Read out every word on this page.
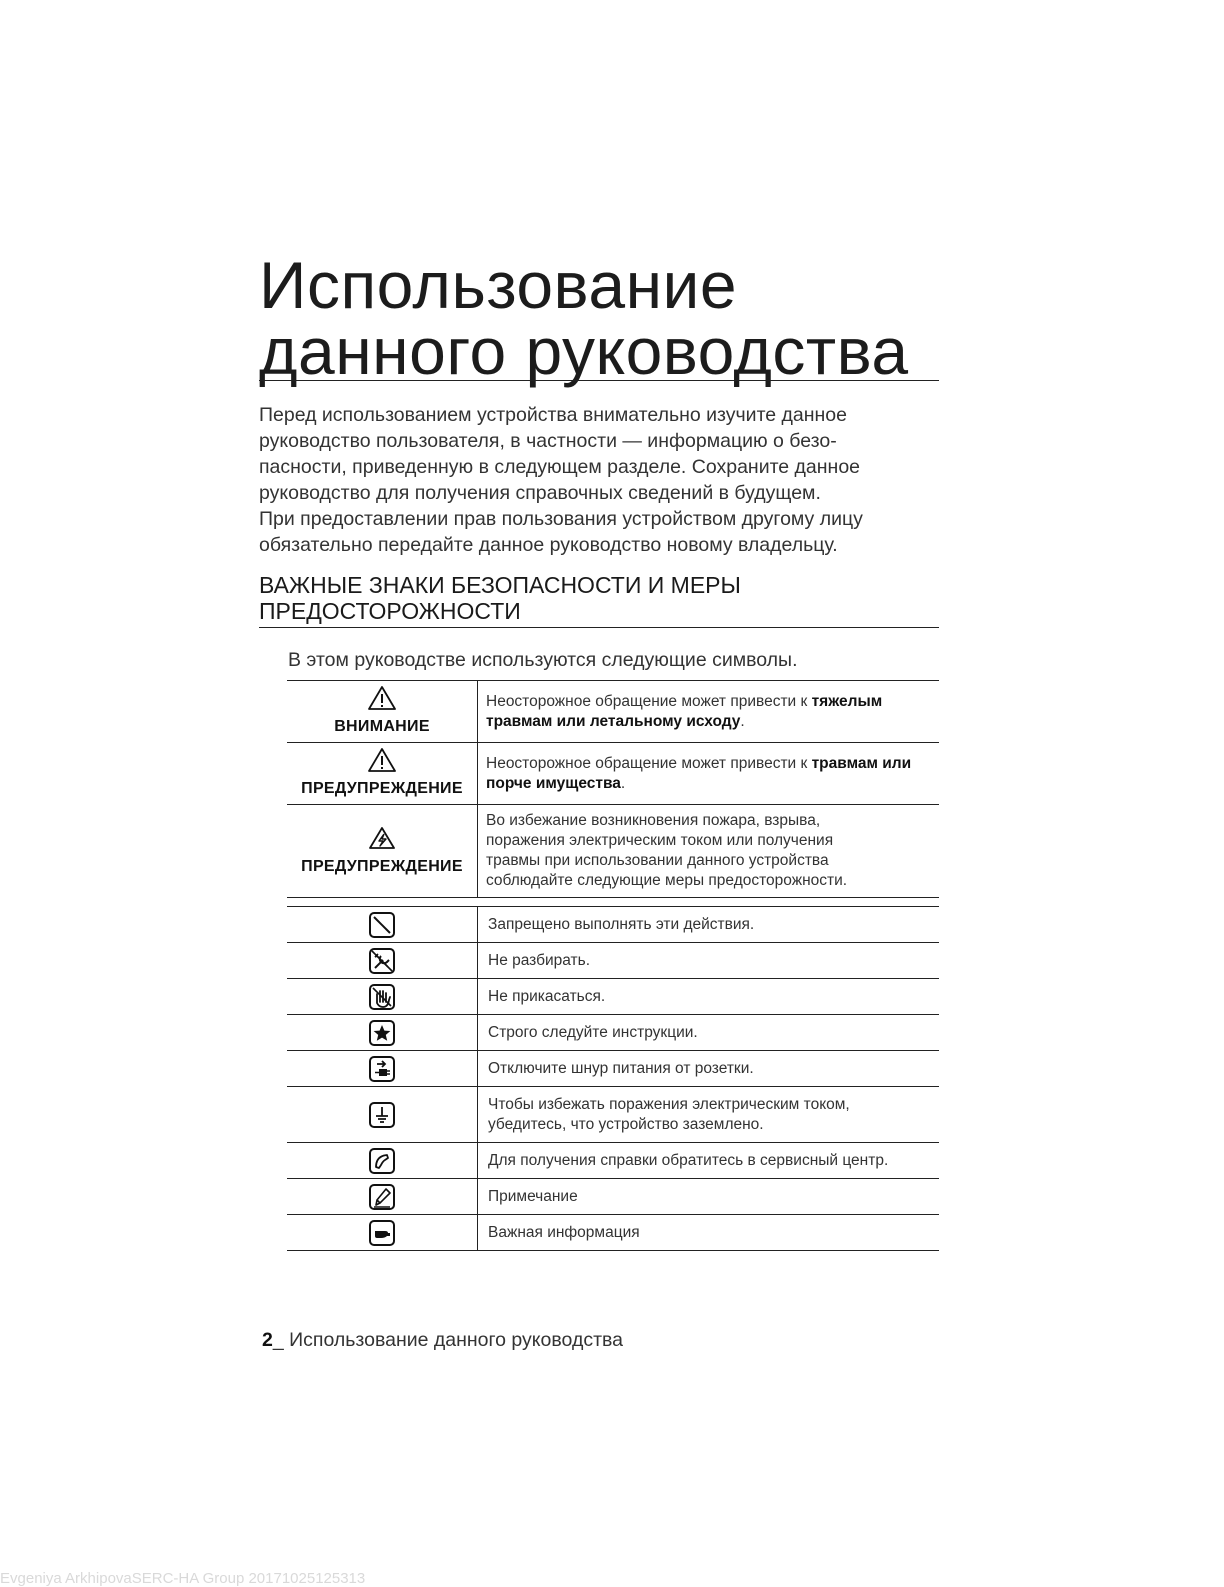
Использование
данного руководства

Перед использованием устройства внимательно изучите данное

руководство пользователя, в частности — информацию о безо-

пасности, приведенную в следующем разделе. Сохраните данное

руководство для получения справочных сведений в будущем.

При предоставлении прав пользования устройством другому лицу

обязательно передайте данное руководство новому владельцу.

ВАЖНЫЕ ЗНАКИ БЕЗОПАСНОСТИ И МЕРЫ
ПРЕДОСТОРОЖНОСТИ

В этом руководстве используются следующие символы.

ВНИМАНИЕ	Неосторожное обращение может привести к тяжелым травмам или летальному исходу.

ПРЕДУПРЕЖДЕНИЕ	Неосторожное обращение может привести к травмам или порче имущества.

ПРЕДУПРЕЖДЕНИЕ	Во избежание возникновения пожара, взрыва,
поражения электрическим током или получения
травмы при использовании данного устройства
соблюдайте следующие меры предосторожности.
	Запрещено выполнять эти действия.

	Не разбирать.

	Не прикасаться.

	Строго следуйте инструкции.

	Отключите шнур питания от розетки.

	Чтобы избежать поражения электрическим током,
убедитесь, что устройство заземлено.

	Для получения справки обратитесь в сервисный центр.

	Примечание

	Важная информация

2_ Использование данного руководства

Evgeniya ArkhipovaSERC-HA Group 20171025125313
